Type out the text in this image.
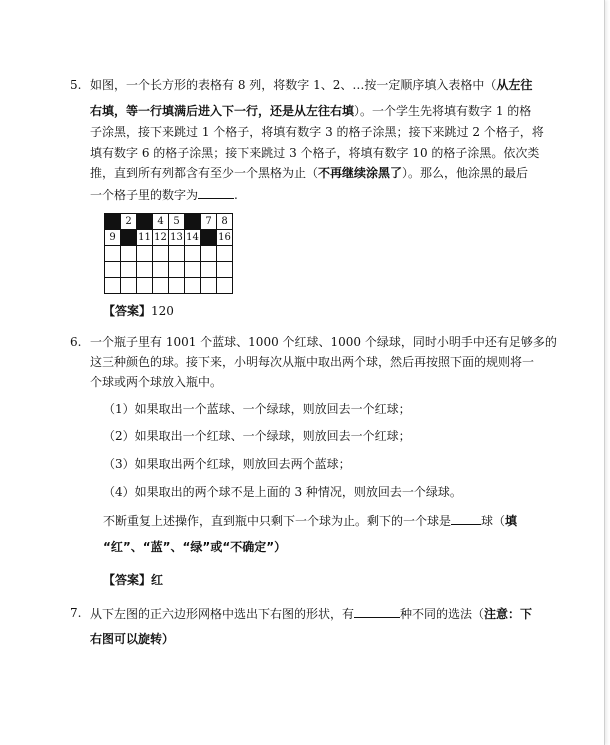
5. 如图，一个长方形的表格有 8 列，将数字 1、2、…按一定顺序填入表格中（从左往
右填，等一行填满后进入下一行，还是从左往右填）。一个学生先将填有数字 1 的格
子涂黑，接下来跳过 1 个格子，将填有数字 3 的格子涂黑；接下来跳过 2 个格子，将
填有数字 6 的格子涂黑；接下来跳过 3 个格子，将填有数字 10 的格子涂黑。依次类
推，直到所有列都含有至少一个黑格为止（不再继续涂黑了）。那么，他涂黑的最后
一个格子里的数字为	.
	2		4	5		7	8
9		11	12	13	14		16

【答案】120
6. 一个瓶子里有 1001 个蓝球、1000 个红球、1000 个绿球，同时小明手中还有足够多的
这三种颜色的球。接下来，小明每次从瓶中取出两个球，然后再按照下面的规则将一
个球或两个球放入瓶中。
（1）如果取出一个蓝球、一个绿球，则放回去一个红球；
（2）如果取出一个红球、一个绿球，则放回去一个红球；
（3）如果取出两个红球，则放回去两个蓝球；
（4）如果取出的两个球不是上面的 3 种情况，则放回去一个绿球。
不断重复上述操作，直到瓶中只剩下一个球为止。剩下的一个球是	球（填
“红”、“蓝”、“绿”或“不确定”）
【答案】红
7. 从下左图的正六边形网格中选出下右图的形状，有	种不同的选法（注意：下
右图可以旋转）
